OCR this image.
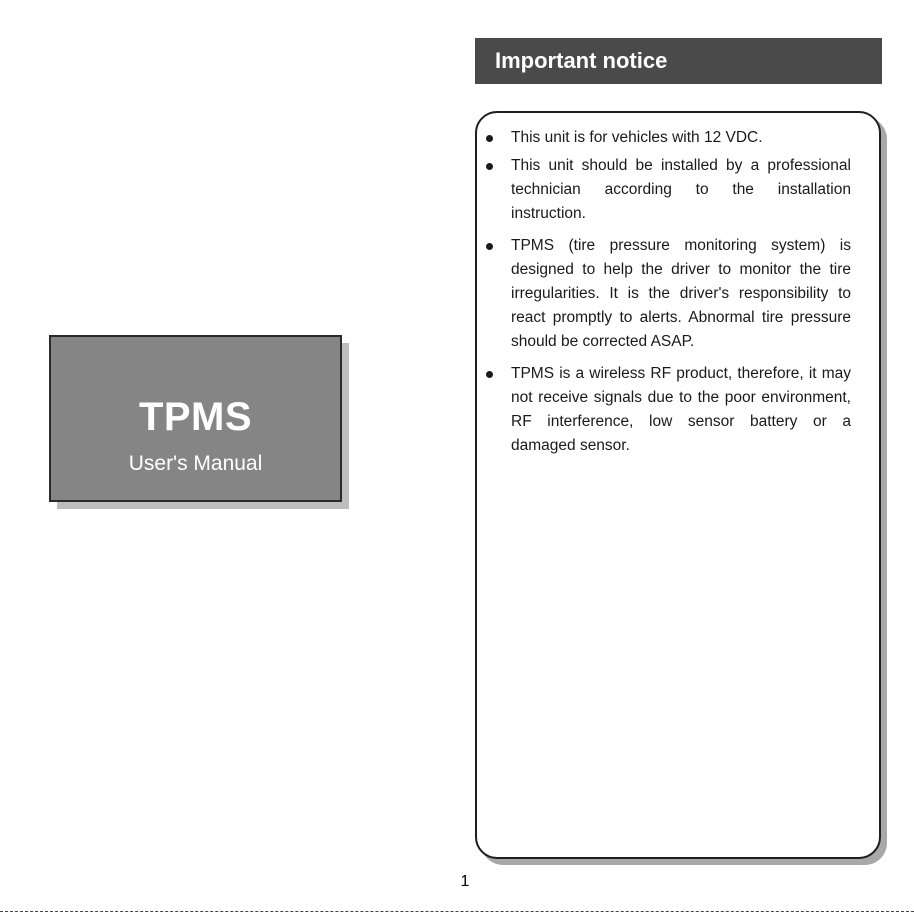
TPMS
User's Manual
Important notice
This unit is for vehicles with 12 VDC.
This unit should be installed by a professional technician according to the installation instruction.
TPMS (tire pressure monitoring system) is designed to help the driver to monitor the tire irregularities. It is the driver's responsibility to react promptly to alerts. Abnormal tire pressure should be corrected ASAP.
TPMS is a wireless RF product, therefore, it may not receive signals due to the poor environment, RF interference, low sensor battery or a damaged sensor.
1
